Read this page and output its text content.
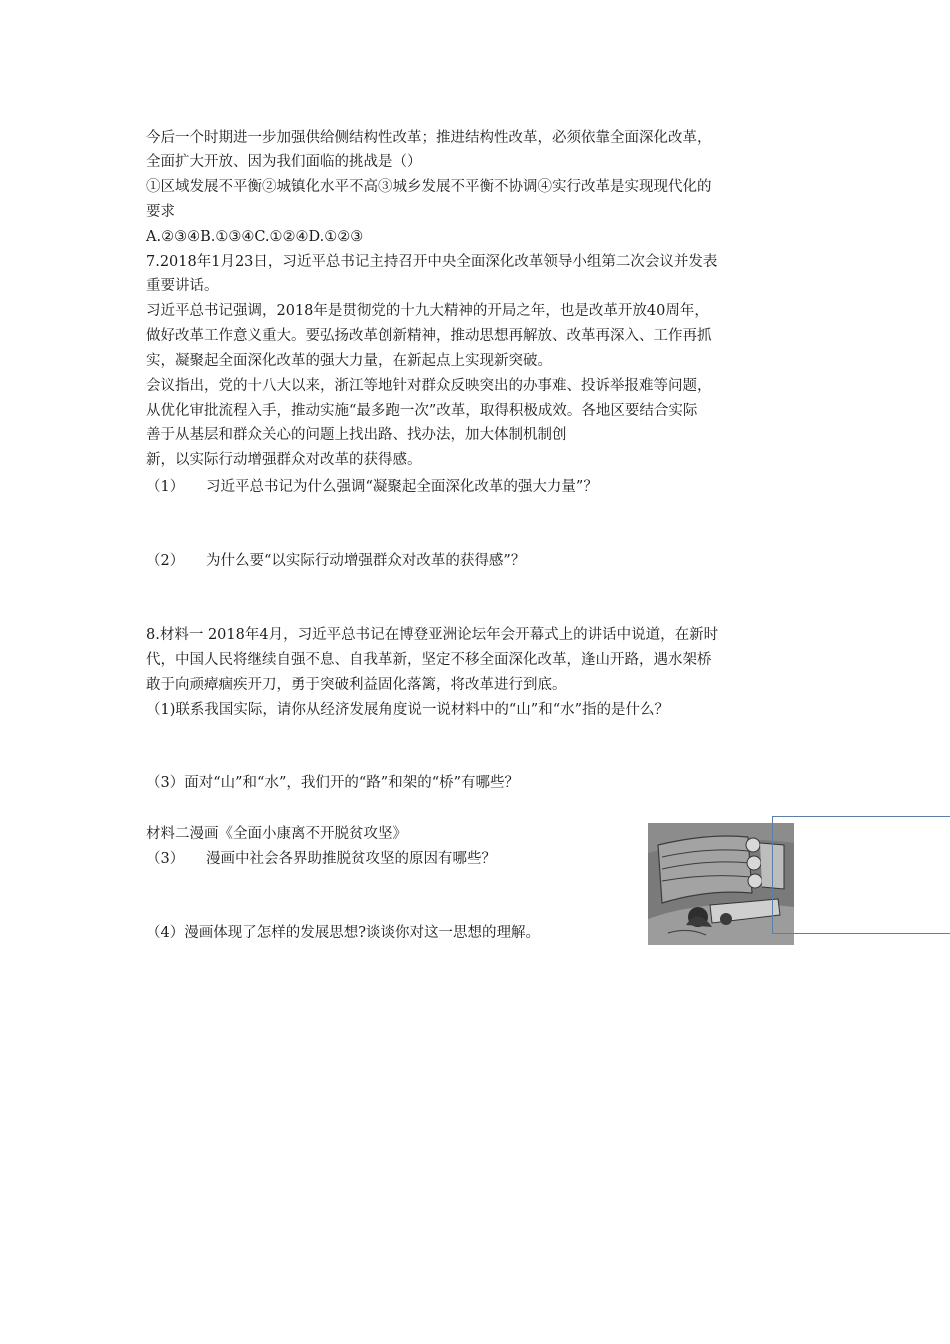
今后一个时期进一步加强供给侧结构性改革；推进结构性改革，必须依靠全面深化改革，
全面扩大开放、因为我们面临的挑战是（）
①区域发展不平衡②城镇化水平不高③城乡发展不平衡不协调④实行改革是实现现代化的
要求
A.②③④B.①③④C.①②④D.①②③
7.2018年1月23日，习近平总书记主持召开中央全面深化改革领导小组第二次会议并发表
重要讲话。
习近平总书记强调，2018年是贯彻党的十九大精神的开局之年，也是改革开放40周年，
做好改革工作意义重大。要弘扬改革创新精神，推动思想再解放、改革再深入、工作再抓
实，凝聚起全面深化改革的强大力量，在新起点上实现新突破。
会议指出，党的十八大以来，浙江等地针对群众反映突出的办事难、投诉举报难等问题，
从优化审批流程入手，推动实施“最多跑一次”改革，取得积极成效。各地区要结合实际
善于从基层和群众关心的问题上找出路、找办法，加大体制机制创
新，以实际行动增强群众对改革的获得感。
（1） 习近平总书记为什么强调“凝聚起全面深化改革的强大力量”？
（2） 为什么要“以实际行动增强群众对改革的获得感”？
8.材料一 2018年4月，习近平总书记在博登亚洲论坛年会开幕式上的讲话中说道，在新时
代，中国人民将继续自强不息、自我革新，坚定不移全面深化改革，逢山开路，遇水架桥
敢于向顽瘴痼疾开刀，勇于突破利益固化落篱，将改革进行到底。
（1)联系我国实际，请你从经济发展角度说一说材料中的“山”和“水”指的是什么？
（3）面对“山”和“水”，我们开的“路”和架的“桥”有哪些？
材料二漫画《全面小康离不开脱贫攻坚》
（3） 漫画中社会各界助推脱贫攻坚的原因有哪些？
（4）漫画体现了怎样的发展思想?谈谈你对这一思想的理解。
